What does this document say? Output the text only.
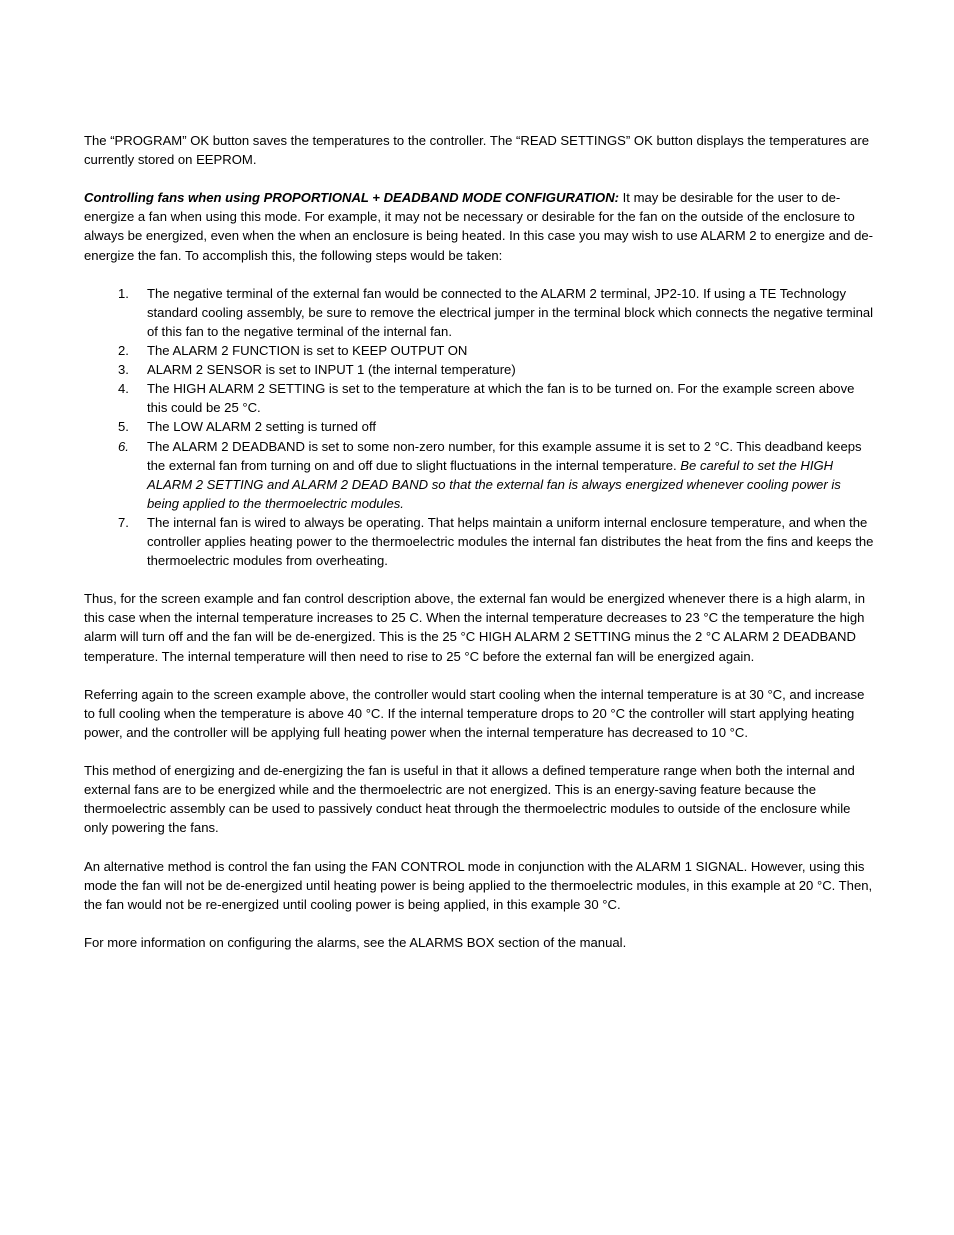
The “PROGRAM” OK button saves the temperatures to the controller. The “READ SETTINGS” OK button displays the temperatures are currently stored on EEPROM.

Controlling fans when using PROPORTIONAL + DEADBAND MODE CONFIGURATION: It may be desirable for the user to de-energize a fan when using this mode. For example, it may not be necessary or desirable for the fan on the outside of the enclosure to always be energized, even when the when an enclosure is being heated. In this case you may wish to use ALARM 2 to energize and de-energize the fan. To accomplish this, the following steps would be taken:

1. The negative terminal of the external fan would be connected to the ALARM 2 terminal, JP2-10. If using a TE Technology standard cooling assembly, be sure to remove the electrical jumper in the terminal block which connects the negative terminal of this fan to the negative terminal of the internal fan.
2. The ALARM 2 FUNCTION is set to KEEP OUTPUT ON
3. ALARM 2 SENSOR is set to INPUT 1 (the internal temperature)
4. The HIGH ALARM 2 SETTING is set to the temperature at which the fan is to be turned on. For the example screen above this could be 25 °C.
5. The LOW ALARM 2 setting is turned off
6. The ALARM 2 DEADBAND is set to some non-zero number, for this example assume it is set to 2 °C. This deadband keeps the external fan from turning on and off due to slight fluctuations in the internal temperature. Be careful to set the HIGH ALARM 2 SETTING and ALARM 2 DEAD BAND so that the external fan is always energized whenever cooling power is being applied to the thermoelectric modules.
7. The internal fan is wired to always be operating. That helps maintain a uniform internal enclosure temperature, and when the controller applies heating power to the thermoelectric modules the internal fan distributes the heat from the fins and keeps the thermoelectric modules from overheating.

Thus, for the screen example and fan control description above, the external fan would be energized whenever there is a high alarm, in this case when the internal temperature increases to 25 C. When the internal temperature decreases to 23 °C the temperature the high alarm will turn off and the fan will be de-energized. This is the 25 °C HIGH ALARM 2 SETTING minus the 2 °C ALARM 2 DEADBAND temperature. The internal temperature will then need to rise to 25 °C before the external fan will be energized again.

Referring again to the screen example above, the controller would start cooling when the internal temperature is at 30 °C, and increase to full cooling when the temperature is above 40 °C. If the internal temperature drops to 20 °C the controller will start applying heating power, and the controller will be applying full heating power when the internal temperature has decreased to 10 °C.

This method of energizing and de-energizing the fan is useful in that it allows a defined temperature range when both the internal and external fans are to be energized while and the thermoelectric are not energized. This is an energy-saving feature because the thermoelectric assembly can be used to passively conduct heat through the thermoelectric modules to outside of the enclosure while only powering the fans.

An alternative method is control the fan using the FAN CONTROL mode in conjunction with the ALARM 1 SIGNAL. However, using this mode the fan will not be de-energized until heating power is being applied to the thermoelectric modules, in this example at 20 °C. Then, the fan would not be re-energized until cooling power is being applied, in this example 30 °C.

For more information on configuring the alarms, see the ALARMS BOX section of the manual.
